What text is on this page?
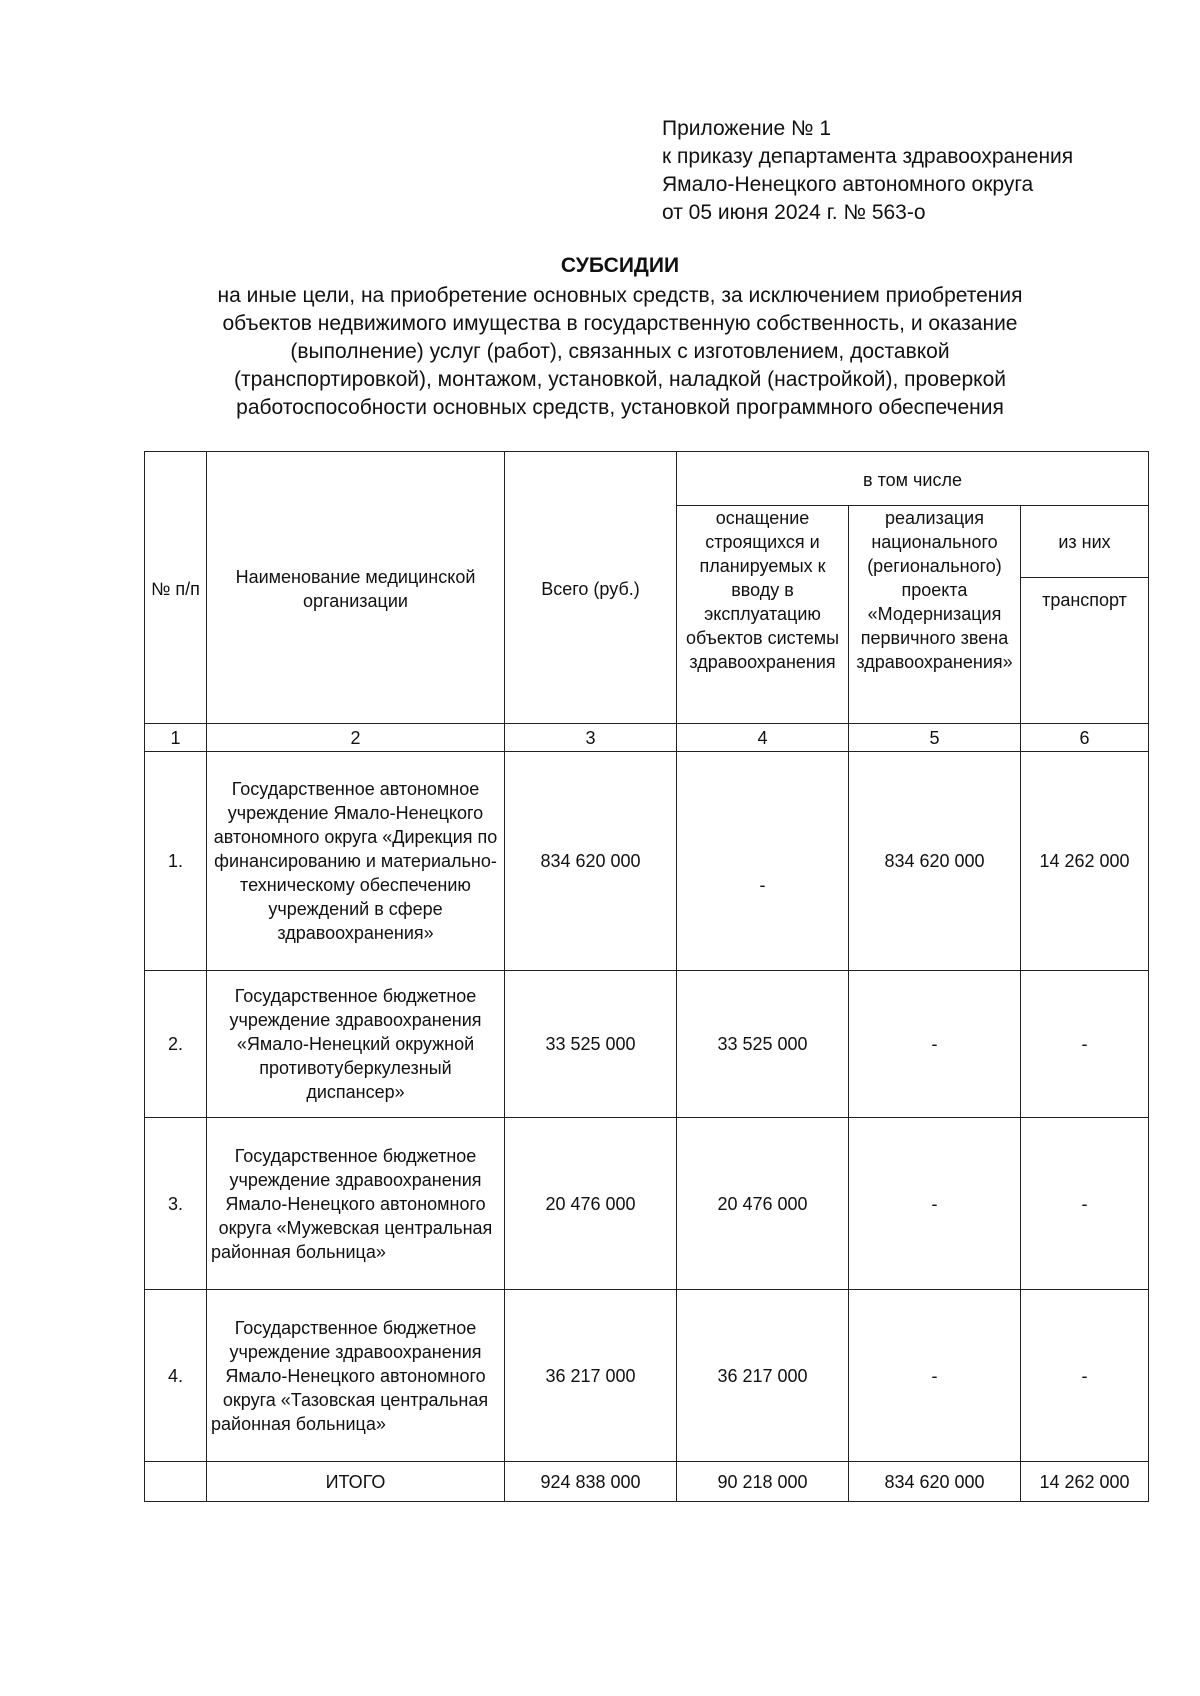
Приложение № 1
к приказу департамента здравоохранения
Ямало-Ненецкого автономного округа
от 05 июня 2024 г. № 563-о
СУБСИДИИ
на иные цели, на приобретение основных средств, за исключением приобретения
объектов недвижимого имущества в государственную собственность, и оказание
(выполнение) услуг (работ), связанных с изготовлением, доставкой
(транспортировкой), монтажом, установкой, наладкой (настройкой), проверкой
работоспособности основных средств, установкой программного обеспечения
№ п/п	Наименование медицинской организации	Всего (руб.)	в том числе		
			оснащение строящихся и планируемых к вводу в эксплуатацию объектов системы здравоохранения	реализация национального (регионального) проекта «Модернизация первичного звена здравоохранения»	из них
					транспорт
1	2	3	4	5	6
1.	Государственное автономное учреждение Ямало-Ненецкого автономного округа «Дирекция по финансированию и материально-техническому обеспечению учреждений в сфере здравоохранения»	834 620 000	-	834 620 000	14 262 000
2.	Государственное бюджетное учреждение здравоохранения «Ямало-Ненецкий окружной противотуберкулезный диспансер»	33 525 000	33 525 000	-	-
3.	Государственное бюджетное учреждение здравоохранения Ямало-Ненецкого автономного округа «Мужевская центральная районная больница»	20 476 000	20 476 000	-	-
4.	Государственное бюджетное учреждение здравоохранения Ямало-Ненецкого автономного округа «Тазовская центральная районная больница»	36 217 000	36 217 000	-	-
	ИТОГО	924 838 000	90 218 000	834 620 000	14 262 000
